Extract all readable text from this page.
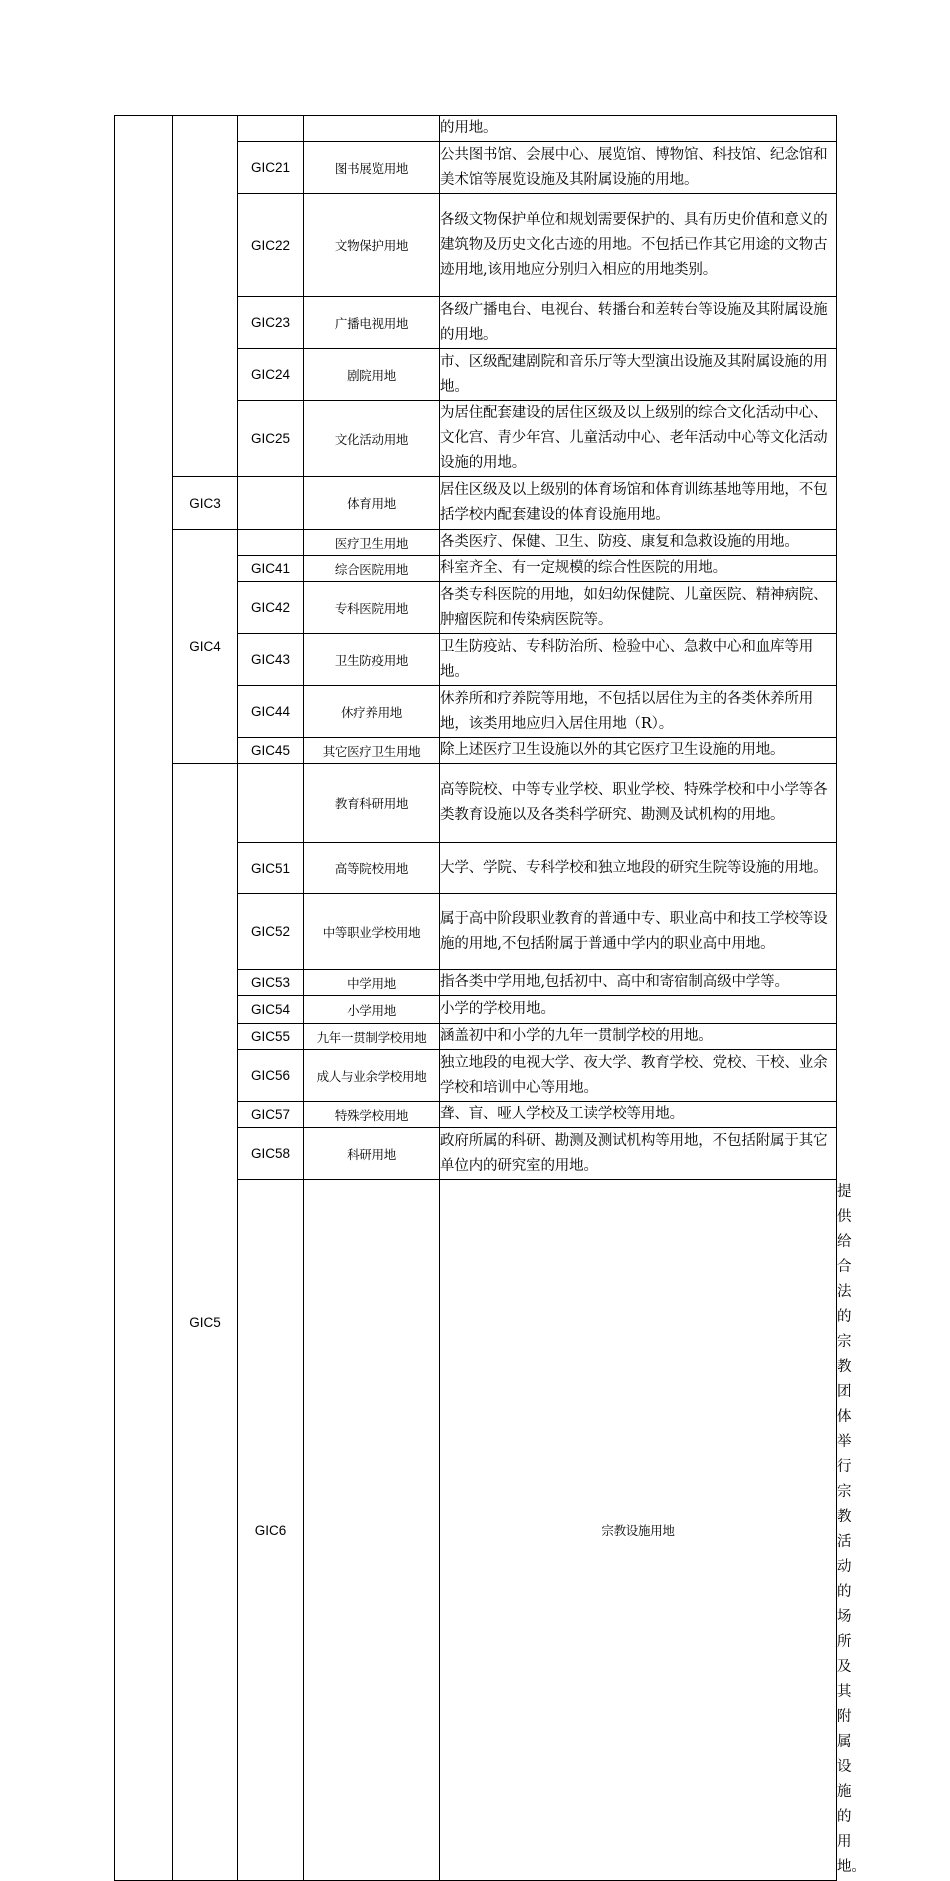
				的用地。	
		GIC21	图书展览用地	公共图书馆、会展中心、展览馆、博物馆、科技馆、纪念馆和美术馆等展览设施及其附属设施的用地。	
		GIC22	文物保护用地	各级文物保护单位和规划需要保护的、具有历史价值和意义的建筑物及历史文化古迹的用地。不包括已作其它用途的文物古迹用地,该用地应分别归入相应的用地类别。	
		GIC23	广播电视用地	各级广播电台、电视台、转播台和差转台等设施及其附属设施的用地。	
		GIC24	剧院用地	市、区级配建剧院和音乐厅等大型演出设施及其附属设施的用地。	
		GIC25	文化活动用地	为居住配套建设的居住区级及以上级别的综合文化活动中心、文化宫、青少年宫、儿童活动中心、老年活动中心等文化活动设施的用地。	
	GIC3		体育用地	居住区级及以上级别的体育场馆和体育训练基地等用地，不包括学校内配套建设的体育设施用地。	
	GIC4		医疗卫生用地	各类医疗、保健、卫生、防疫、康复和急救设施的用地。	
		GIC41	综合医院用地	科室齐全、有一定规模的综合性医院的用地。	
		GIC42	专科医院用地	各类专科医院的用地，如妇幼保健院、儿童医院、精神病院、肿瘤医院和传染病医院等。	
		GIC43	卫生防疫用地	卫生防疫站、专科防治所、检验中心、急救中心和血库等用地。	
		GIC44	休疗养用地	休养所和疗养院等用地，不包括以居住为主的各类休养所用地，该类用地应归入居住用地（R）。	
		GIC45	其它医疗卫生用地	除上述医疗卫生设施以外的其它医疗卫生设施的用地。	
	GIC5		教育科研用地	高等院校、中等专业学校、职业学校、特殊学校和中小学等各类教育设施以及各类科学研究、勘测及试机构的用地。	
		GIC51	高等院校用地	大学、学院、专科学校和独立地段的研究生院等设施的用地。	
		GIC52	中等职业学校用地	属于高中阶段职业教育的普通中专、职业高中和技工学校等设施的用地,不包括附属于普通中学内的职业高中用地。	
		GIC53	中学用地	指各类中学用地,包括初中、高中和寄宿制高级中学等。	
		GIC54	小学用地	小学的学校用地。	
		GIC55	九年一贯制学校用地	涵盖初中和小学的九年一贯制学校的用地。	
		GIC56	成人与业余学校用地	独立地段的电视大学、夜大学、教育学校、党校、干校、业余学校和培训中心等用地。	
		GIC57	特殊学校用地	聋、盲、哑人学校及工读学校等用地。	
		GIC58	科研用地	政府所属的科研、勘测及测试机构等用地，不包括附属于其它单位内的研究室的用地。	
		GIC6		宗教设施用地	提供给合法的宗教团体举行宗教活动的场所及其附属设施的用地。
